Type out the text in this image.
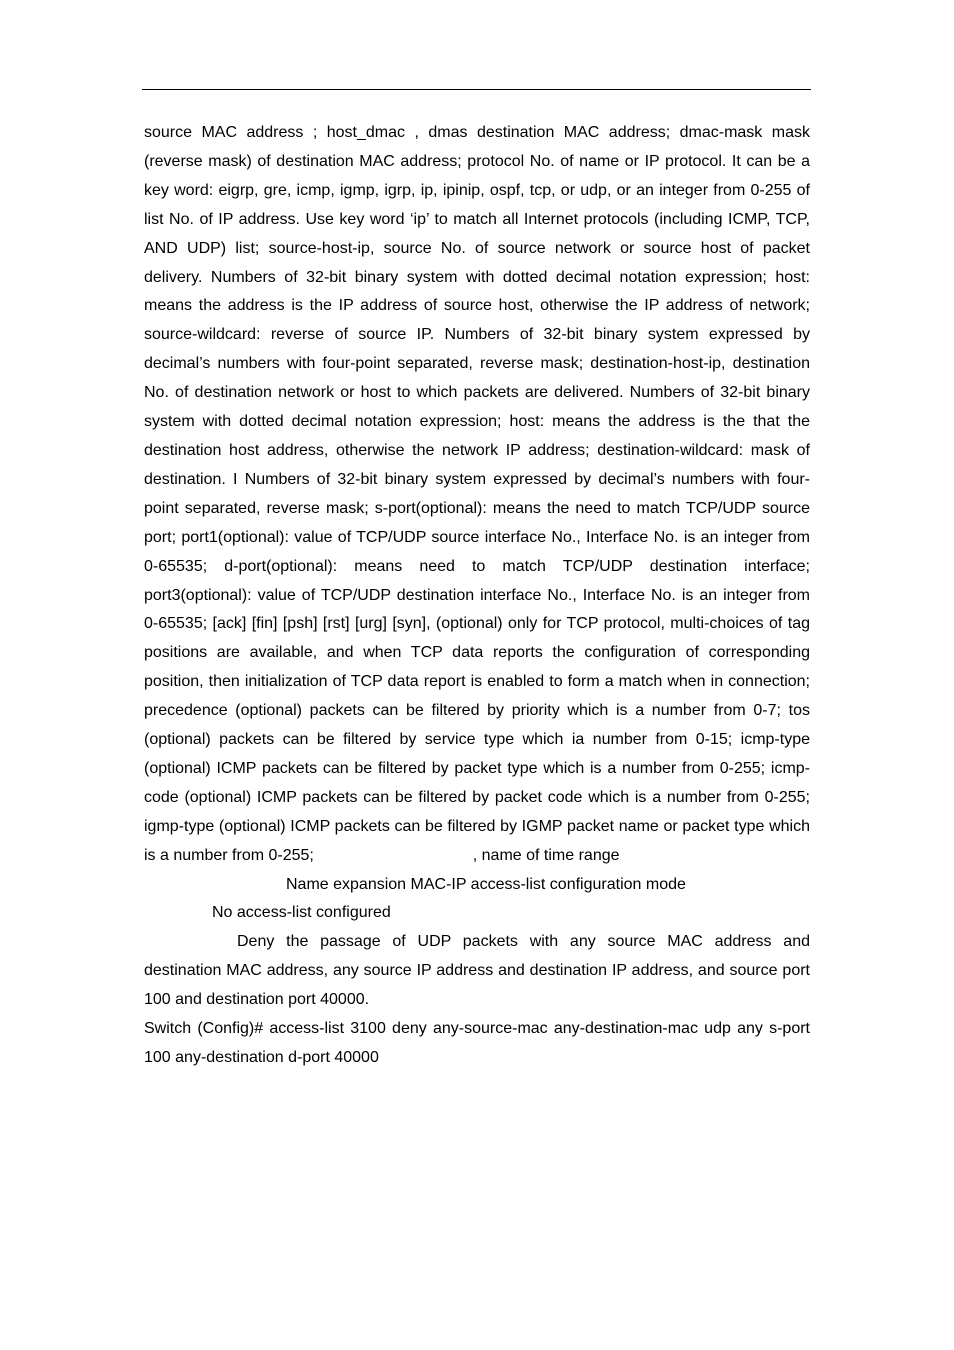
source MAC address ; host_dmac , dmas destination MAC address; dmac-mask mask (reverse mask) of destination MAC address; protocol No. of name or IP protocol. It can be a key word: eigrp, gre, icmp, igmp, igrp, ip, ipinip, ospf, tcp, or udp, or an integer from 0-255 of list No. of IP address. Use key word ‘ip’ to match all Internet protocols (including ICMP, TCP, AND UDP) list; source-host-ip, source No. of source network or source host of packet delivery. Numbers of 32-bit binary system with dotted decimal notation expression; host: means the address is the IP address of source host, otherwise the IP address of network; source-wildcard: reverse of source IP. Numbers of 32-bit binary system expressed by decimal’s numbers with four-point separated, reverse mask; destination-host-ip, destination No. of destination network or host to which packets are delivered. Numbers of 32-bit binary system with dotted decimal notation expression; host: means the address is the that the destination host address, otherwise the network IP address; destination-wildcard: mask of destination. I Numbers of 32-bit binary system expressed by decimal’s numbers with four-point separated, reverse mask; s-port(optional): means the need to match TCP/UDP source port; port1(optional): value of TCP/UDP source interface No., Interface No. is an integer from 0-65535; d-port(optional): means need to match TCP/UDP destination interface; port3(optional): value of TCP/UDP destination interface No., Interface No. is an integer from 0-65535; [ack] [fin] [psh] [rst] [urg] [syn], (optional) only for TCP protocol, multi-choices of tag positions are available, and when TCP data reports the configuration of corresponding position, then initialization of TCP data report is enabled to form a match when in connection; precedence (optional) packets can be filtered by priority which is a number from 0-7; tos (optional) packets can be filtered by service type which ia number from 0-15; icmp-type (optional) ICMP packets can be filtered by packet type which is a number from 0-255; icmp-code (optional) ICMP packets can be filtered by packet code which is a number from 0-255; igmp-type (optional) ICMP packets can be filtered by IGMP packet name or packet type which is a number from 0-255;	, name of time range

Name expansion MAC-IP access-list configuration mode
No access-list configured

Deny the passage of UDP packets with any source MAC address and destination MAC address, any source IP address and destination IP address, and source port 100 and destination port 40000.

Switch (Config)# access-list 3100 deny any-source-mac any-destination-mac udp any s-port 100 any-destination d-port 40000
